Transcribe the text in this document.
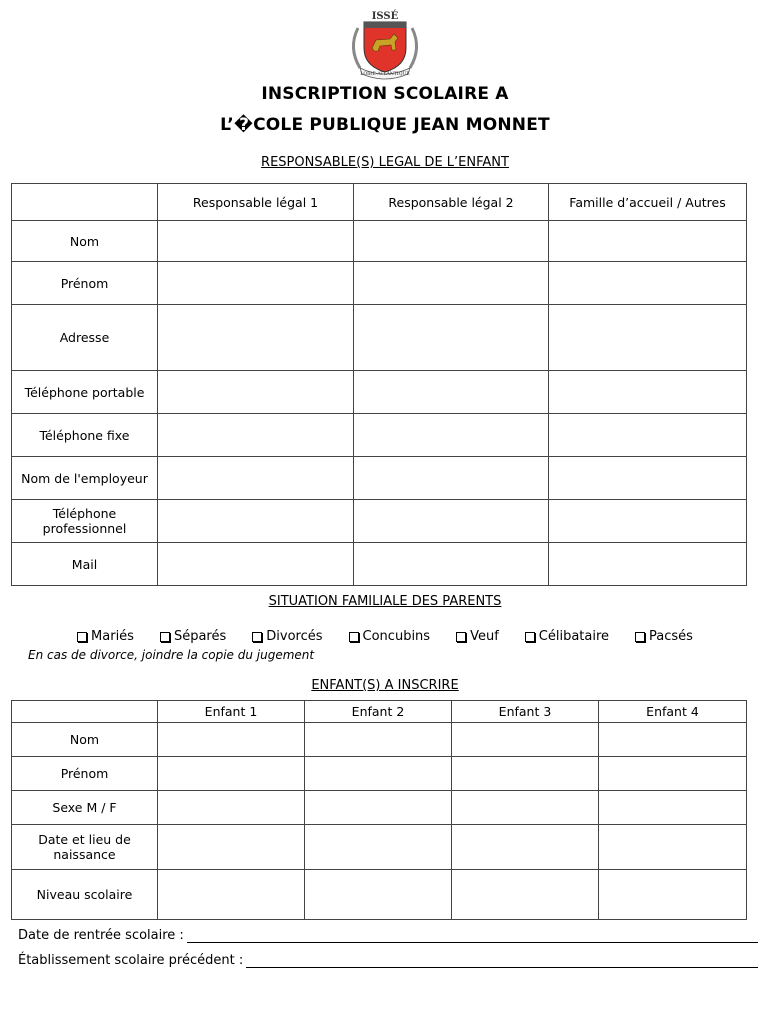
ISSÉ
LOIRE-ATLANTIQUE
INSCRIPTION SCOLAIRE A
L’�COLE PUBLIQUE JEAN MONNET
RESPONSABLE(S) LEGAL DE L’ENFANT
	Responsable légal 1	Responsable légal 2	Famille d’accueil / Autres
Nom			
Prénom			
Adresse			
Téléphone portable			
Téléphone fixe			
Nom de l'employeur			
Téléphone professionnel			
Mail			
SITUATION FAMILIALE DES PARENTS
Mariés	Séparés	Divorcés	Concubins	Veuf	Célibataire	Pacsés
En cas de divorce, joindre la copie du jugement
ENFANT(S) A INSCRIRE
	Enfant 1	Enfant 2	Enfant 3	Enfant 4
Nom				
Prénom				
Sexe M / F				
Date et lieu de naissance				
Niveau scolaire				
Date de rentrée scolaire :
Établissement scolaire précédent :
